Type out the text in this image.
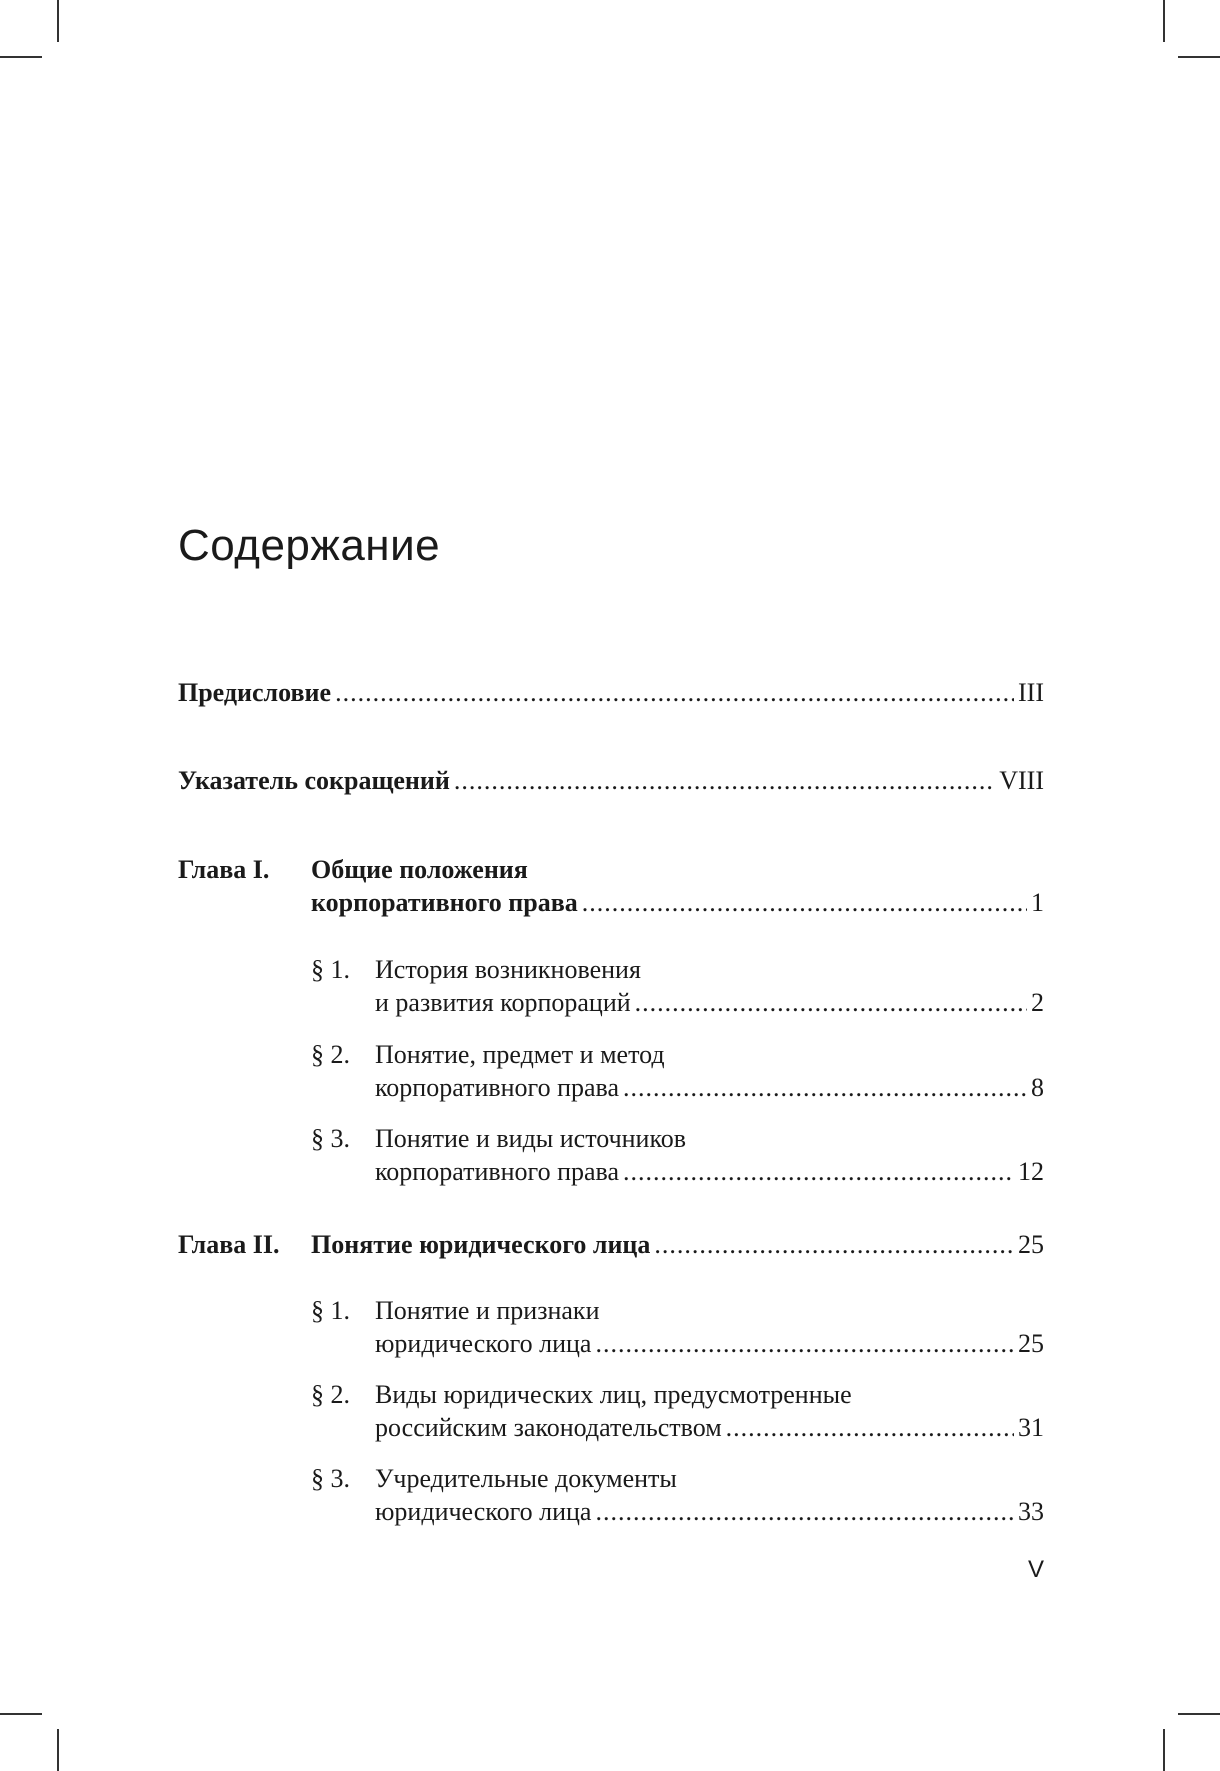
Содержание
Предисловие .....	III
Указатель сокращений .....	VIII
Глава I.	Общие положения
корпоративного права .....	1
§ 1. История возникновения
и развития корпораций .....	2
§ 2. Понятие, предмет и метод
корпоративного права .....	8
§ 3. Понятие и виды источников
корпоративного права .....	12
Глава II.	Понятие юридического лица .....	25
§ 1. Понятие и признаки
юридического лица .....	25
§ 2. Виды юридических лиц, предусмотренные
российским законодательством .....	31
§ 3. Учредительные документы
юридического лица .....	33
V
